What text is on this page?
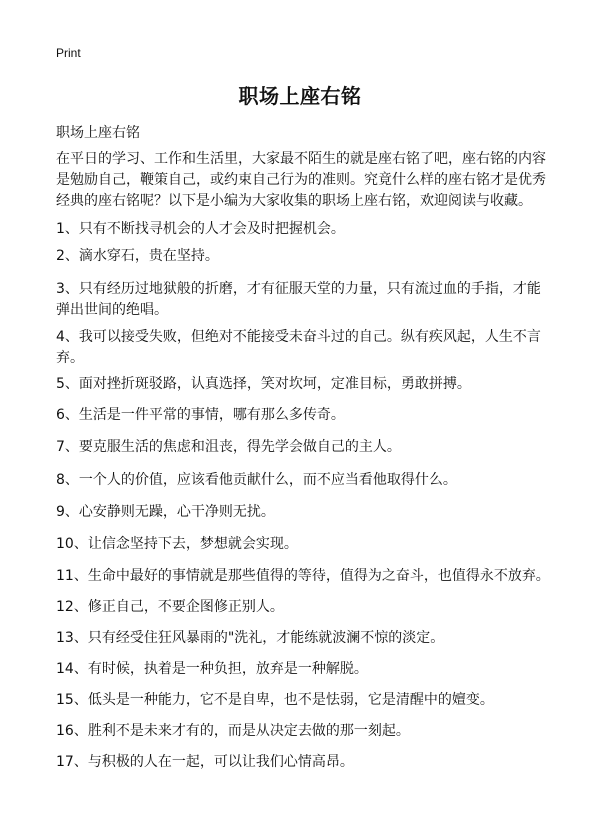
Print
职场上座右铭
职场上座右铭

在平日的学习、工作和生活里，大家最不陌生的就是座右铭了吧，座右铭的内容是勉励自己，鞭策自己，或约束自己行为的准则。究竟什么样的座右铭才是优秀经典的座右铭呢？以下是小编为大家收集的职场上座右铭，欢迎阅读与收藏。

1、只有不断找寻机会的人才会及时把握机会。

2、滴水穿石，贵在坚持。

3、只有经历过地狱般的折磨，才有征服天堂的力量，只有流过血的手指，才能弹出世间的绝唱。

4、我可以接受失败，但绝对不能接受未奋斗过的自己。纵有疾风起，人生不言弃。

5、面对挫折斑驳路，认真选择，笑对坎坷，定准目标，勇敢拼搏。

6、生活是一件平常的事情，哪有那么多传奇。

7、要克服生活的焦虑和沮丧，得先学会做自己的主人。

8、一个人的价值，应该看他贡献什么，而不应当看他取得什么。

9、心安静则无躁，心干净则无扰。

10、让信念坚持下去，梦想就会实现。

11、生命中最好的事情就是那些值得的等待，值得为之奋斗，也值得永不放弃。

12、修正自己，不要企图修正别人。

13、只有经受住狂风暴雨的"洗礼，才能练就波澜不惊的淡定。

14、有时候，执着是一种负担，放弃是一种解脱。

15、低头是一种能力，它不是自卑，也不是怯弱，它是清醒中的嬗变。

16、胜利不是未来才有的，而是从决定去做的那一刻起。

17、与积极的人在一起，可以让我们心情高昂。
